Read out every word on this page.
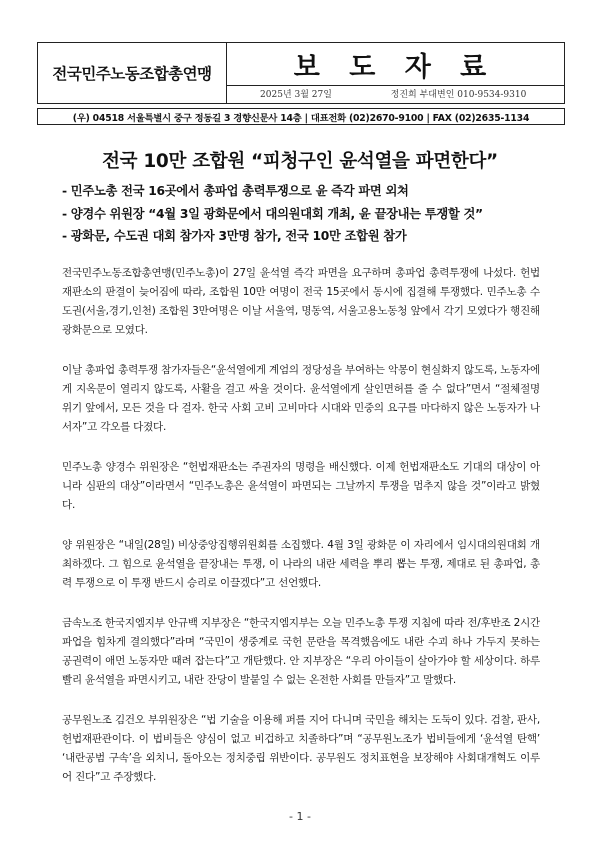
전국민주노동조합총연맹	보 도 자 료
2025년 3월 27일	정진희 부대변인 010-9534-9310
(우) 04518 서울특별시 중구 정동길 3 경향신문사 14층 | 대표전화 (02)2670-9100 | FAX (02)2635-1134
전국 10만 조합원 “피청구인 윤석열을 파면한다”
- 민주노총 전국 16곳에서 총파업 총력투쟁으로 윤 즉각 파면 외쳐
- 양경수 위원장 “4월 3일 광화문에서 대의원대회 개최, 윤 끝장내는 투쟁할 것”
- 광화문, 수도권 대회 참가자 3만명 참가, 전국 10만 조합원 참가

전국민주노동조합총연맹(민주노총)이 27일 윤석열 즉각 파면을 요구하며 총파업 총력투쟁에 나섰다. 헌법재판소의 판결이 늦어짐에 따라, 조합원 10만 여명이 전국 15곳에서 동시에 집결해 투쟁했다. 민주노총 수도권(서울,경기,인천) 조합원 3만여명은 이날 서울역, 명동역, 서울고용노동청 앞에서 각기 모였다가 행진해 광화문으로 모였다.

이날 총파업 총력투쟁 참가자들은“윤석열에게 계엄의 정당성을 부여하는 악몽이 현실화지 않도록, 노동자에게 지옥문이 열리지 않도록, 사활을 걸고 싸울 것이다. 윤석열에게 살인면허를 줄 수 없다”면서 “절체절명 위기 앞에서, 모든 것을 다 걸자. 한국 사회 고비 고비마다 시대와 민중의 요구를 마다하지 않은 노동자가 나서자”고 각오를 다졌다.

민주노총 양경수 위원장은 “헌법재판소는 주권자의 명령을 배신했다. 이제 헌법재판소도 기대의 대상이 아니라 심판의 대상”이라면서 “민주노총은 윤석열이 파면되는 그날까지 투쟁을 멈추지 않을 것”이라고 밝혔다.

양 위원장은 “내일(28일) 비상중앙집행위원회를 소집했다. 4월 3일 광화문 이 자리에서 임시대의원대회 개최하겠다. 그 힘으로 윤석열을 끝장내는 투쟁, 이 나라의 내란 세력을 뿌리 뽑는 투쟁, 제대로 된 총파업, 총력 투쟁으로 이 투쟁 반드시 승리로 이끌겠다”고 선언했다.

금속노조 한국지엠지부 안규백 지부장은 “한국지엠지부는 오늘 민주노총 투쟁 지침에 따라 전/후반조 2시간 파업을 힘차게 결의했다”라며 “국민이 생중계로 국헌 문란을 목격했음에도 내란 수괴 하나 가두지 못하는 공권력이 애먼 노동자만 때려 잡는다”고 개탄했다. 안 지부장은 “우리 아이들이 살아가야 할 세상이다. 하루빨리 윤석열을 파면시키고, 내란 잔당이 발붙일 수 없는 온전한 사회를 만들자”고 말했다.

공무원노조 김건오 부위원장은 “법 기술을 이용해 퍼를 지어 다니며 국민을 해치는 도둑이 있다. 검찰, 판사, 헌법재판관이다. 이 법비들은 양심이 없고 비겁하고 치졸하다”며 “공무원노조가 법비들에게 ‘윤석열 탄핵’ ‘내란공범 구속’을 외치니, 돌아오는 정치중립 위반이다. 공무원도 정치표현을 보장해야 사회대개혁도 이루어 진다”고 주장했다.

- 1 -
